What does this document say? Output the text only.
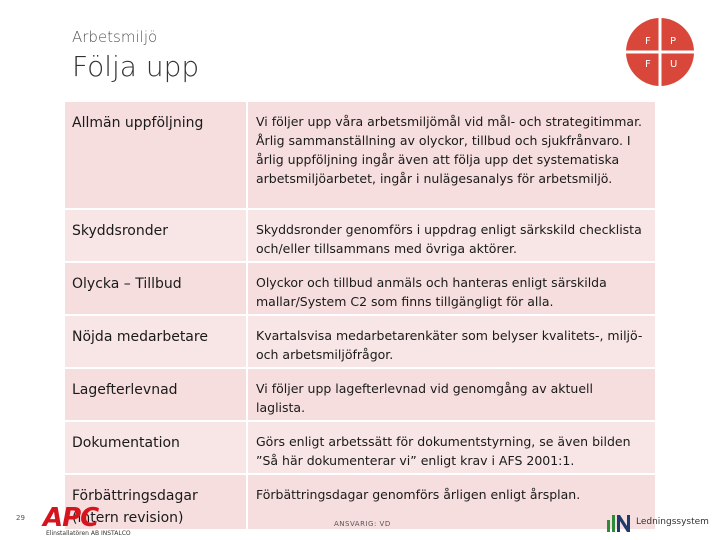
Arbetsmiljö
Följa upp
F P
F U
Allmän uppföljning	Vi följer upp våra arbetsmiljömål vid mål- och strategitimmar. Årlig sammanställning av olyckor, tillbud och sjukfrånvaro. I årlig uppföljning ingår även att följa upp det systematiska arbetsmiljöarbetet, ingår i nulägesanalys för arbetsmiljö.
Skyddsronder	Skyddsronder genomförs i uppdrag enligt särkskild checklista och/eller tillsammans med övriga aktörer.
Olycka – Tillbud	Olyckor och tillbud anmäls och hanteras enligt särskilda mallar/System C2 som finns tillgängligt för alla.
Nöjda medarbetare	Kvartalsvisa medarbetarenkäter som belyser kvalitets-, miljö- och arbetsmiljöfrågor.
Lagefterlevnad	Vi följer upp lagefterlevnad vid genomgång av aktuell laglista.
Dokumentation	Görs enligt arbetssätt för dokumentstyrning, se även bilden ”Så här dokumenterar vi” enligt krav i AFS 2001:1.
Förbättringsdagar (intern revision)	Förbättringsdagar genomförs årligen enligt årsplan.
29 APC
Elinstallatören AB INSTALCO
ANSVARIG: VD	Ledningssystem
